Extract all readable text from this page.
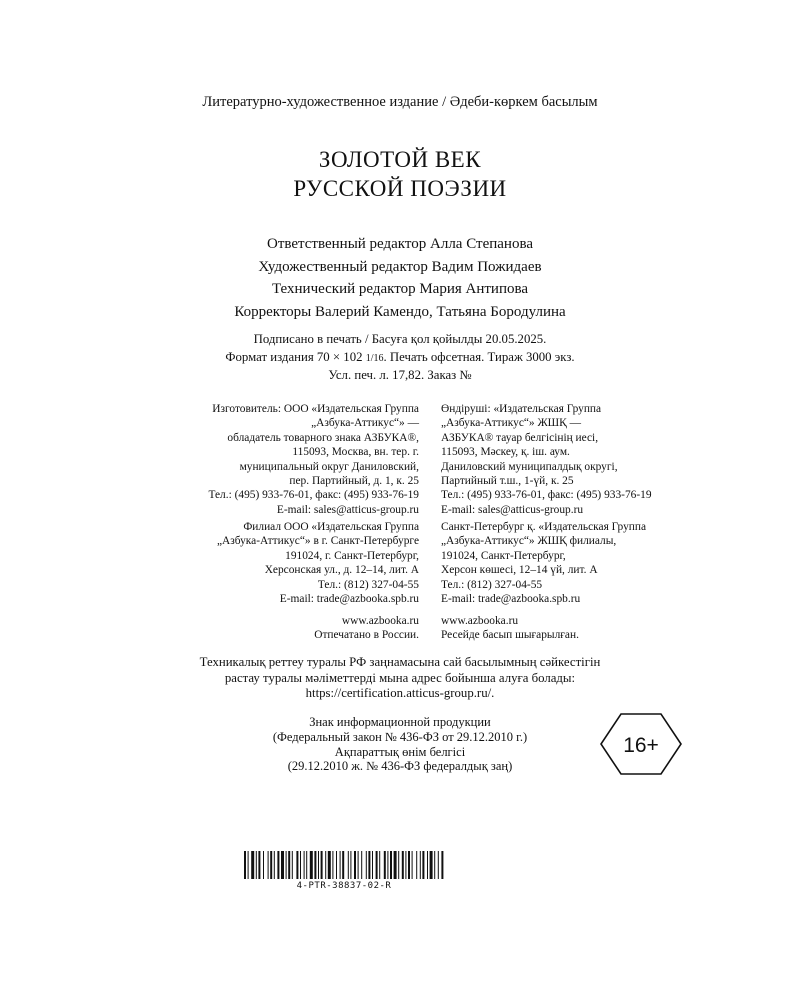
Литературно-художественное издание / Әдеби-көркем басылым
ЗОЛОТОЙ ВЕК
РУССКОЙ ПОЭЗИИ
Ответственный редактор Алла Степанова
Художественный редактор Вадим Пожидаев
Технический редактор Мария Антипова
Корректоры Валерий Камендо, Татьяна Бородулина
Подписано в печать / Басуға қол қойылды 20.05.2025.
Формат издания 70 × 102 1/16. Печать офсетная. Тираж 3000 экз.
Усл. печ. л. 17,82. Заказ №
Изготовитель: ООО «Издательская Группа
„Азбука-Аттикус“» —
обладатель товарного знака АЗБУКА®,
115093, Москва, вн. тер. г.
муниципальный округ Даниловский,
пер. Партийный, д. 1, к. 25
Тел.: (495) 933-76-01, факс: (495) 933-76-19
E-mail: sales@atticus-group.ru
Өндіруші: «Издательская Группа
„Азбука-Аттикус“» ЖШҚ —
АЗБУКА® тауар белгісінің иесі,
115093, Мәскеу, қ. іш. аум.
Даниловский муниципалдық округі,
Партийный т.ш., 1-үй, к. 25
Тел.: (495) 933-76-01, факс: (495) 933-76-19
E-mail: sales@atticus-group.ru
Филиал ООО «Издательская Группа
„Азбука-Аттикус“» в г. Санкт-Петербурге
191024, г. Санкт-Петербург,
Херсонская ул., д. 12–14, лит. А
Тел.: (812) 327-04-55
E-mail: trade@azbooka.spb.ru
Санкт-Петербург қ. «Издательская Группа
„Азбука-Аттикус“» ЖШҚ филиалы,
191024, Санкт-Петербург,
Херсон көшесі, 12–14 үй, лит. А
Тел.: (812) 327-04-55
E-mail: trade@azbooka.spb.ru
www.azbooka.ru
Отпечатано в России.
www.azbooka.ru
Ресейде басып шығарылған.
Техникалық реттеу туралы РФ заңнамасына сай басылымның сәйкестігін
растау туралы мәліметтерді мына адрес бойынша алуға болады:
https://certification.atticus-group.ru/.
Знак информационной продукции
(Федеральный закон № 436-ФЗ от 29.12.2010 г.)
Ақпараттық өнім белгісі
(29.12.2010 ж. № 436-ФЗ федералдық заң)
16+
4-PTR-38837-02-R
